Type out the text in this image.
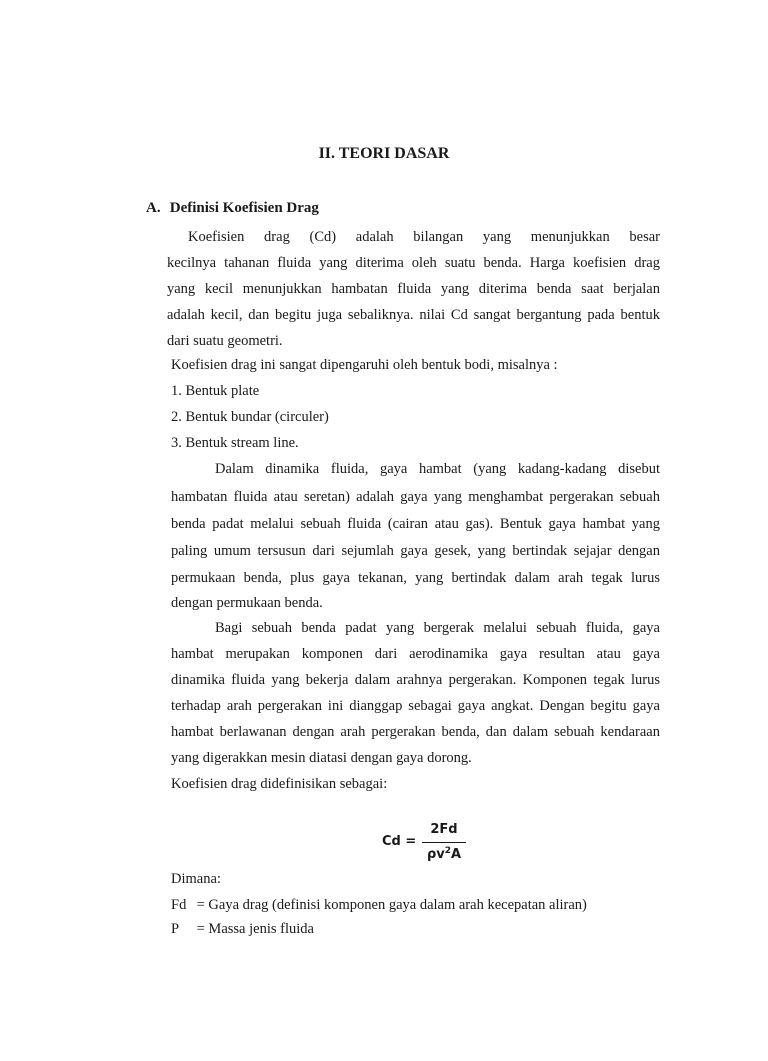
II. TEORI DASAR
A. Definisi Koefisien Drag
Koefisien drag (Cd) adalah bilangan yang menunjukkan besar
kecilnya tahanan fluida yang diterima oleh suatu benda. Harga koefisien drag
yang kecil menunjukkan hambatan fluida yang diterima benda saat berjalan
adalah kecil, dan begitu juga sebaliknya. nilai Cd sangat bergantung pada bentuk
dari suatu geometri.
Koefisien drag ini sangat dipengaruhi oleh bentuk bodi, misalnya :
1. Bentuk plate
2. Bentuk bundar (circuler)
3. Bentuk stream line.
Dalam dinamika fluida, gaya hambat (yang kadang-kadang disebut
hambatan fluida atau seretan) adalah gaya yang menghambat pergerakan sebuah
benda padat melalui sebuah fluida (cairan atau gas). Bentuk gaya hambat yang
paling umum tersusun dari sejumlah gaya gesek, yang bertindak sejajar dengan
permukaan benda, plus gaya tekanan, yang bertindak dalam arah tegak lurus
dengan permukaan benda.
Bagi sebuah benda padat yang bergerak melalui sebuah fluida, gaya
hambat merupakan komponen dari aerodinamika gaya resultan atau gaya
dinamika fluida yang bekerja dalam arahnya pergerakan. Komponen tegak lurus
terhadap arah pergerakan ini dianggap sebagai gaya angkat. Dengan begitu gaya
hambat berlawanan dengan arah pergerakan benda, dan dalam sebuah kendaraan
yang digerakkan mesin diatasi dengan gaya dorong.
Koefisien drag didefinisikan sebagai:
Cd =
2Fd
$\rho v^2A$
Dimana:
Fd = Gaya drag (definisi komponen gaya dalam arah kecepatan aliran)
P = Massa jenis fluida
